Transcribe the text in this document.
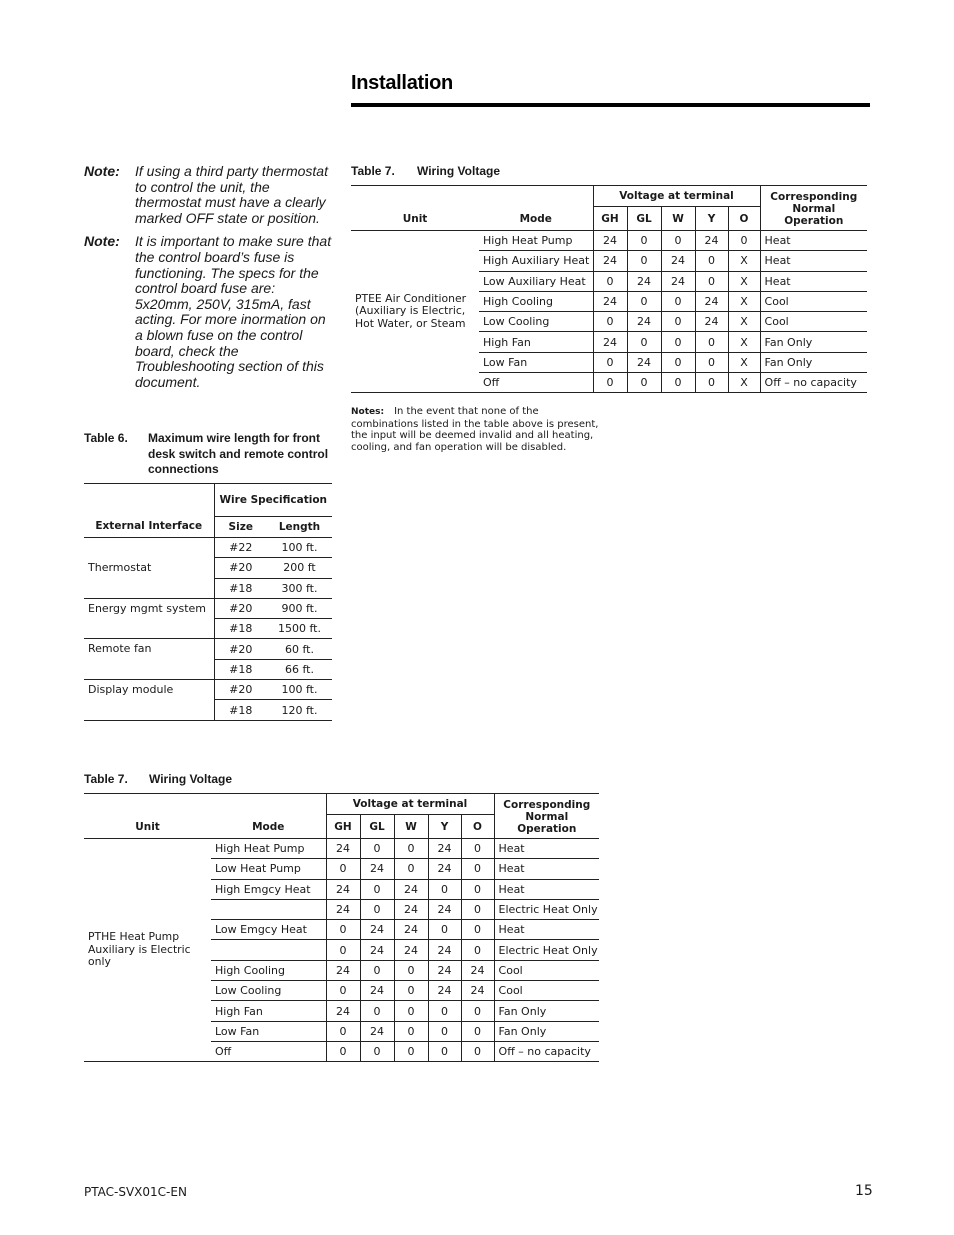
Installation
Note:	If using a third party thermostat to control the unit, the thermostat must have a clearly marked OFF state or position.
Note:	It is important to make sure that the control board’s fuse is functioning. The specs for the control board fuse are: 5x20mm, 250V, 315mA, fast acting. For more inormation on a blown fuse on the control board, check the Troubleshooting section of this document.
Table 6.	Maximum wire length for front desk switch and remote control connections
External Interface	Wire Specification	
	Size	Length
Thermostat	#22	100 ft.
	#20	200 ft
	#18	300 ft.
Energy mgmt system	#20	900 ft.
	#18	1500 ft.
Remote fan	#20	60 ft.
	#18	66 ft.
Display module	#20	100 ft.
	#18	120 ft.
Table 7.	Wiring Voltage
Unit	Mode	Voltage at terminal					Corresponding Normal Operation
		GH	GL	W	Y	O	
PTEE Air Conditioner (Auxiliary is Electric, Hot Water, or Steam	High Heat Pump	24	0	0	24	0	Heat
	High Auxiliary Heat	24	0	24	0	X	Heat
	Low Auxiliary Heat	0	24	24	0	X	Heat
	High Cooling	24	0	0	24	X	Cool
	Low Cooling	0	24	0	24	X	Cool
	High Fan	24	0	0	0	X	Fan Only
	Low Fan	0	24	0	0	X	Fan Only
	Off	0	0	0	0	X	Off – no capacity
Notes: In the event that none of the combinations listed in the table above is present, the input will be deemed invalid and all heating, cooling, and fan operation will be disabled.
Table 7.	Wiring Voltage
Unit	Mode	Voltage at terminal					Corresponding Normal Operation
		GH	GL	W	Y	O	
PTHE Heat Pump Auxiliary is Electric only	High Heat Pump	24	0	0	24	0	Heat
	Low Heat Pump	0	24	0	24	0	Heat
	High Emgcy Heat	24	0	24	0	0	Heat
		24	0	24	24	0	Electric Heat Only
	Low Emgcy Heat	0	24	24	0	0	Heat
		0	24	24	24	0	Electric Heat Only
	High Cooling	24	0	0	24	24	Cool
	Low Cooling	0	24	0	24	24	Cool
	High Fan	24	0	0	0	0	Fan Only
	Low Fan	0	24	0	0	0	Fan Only
	Off	0	0	0	0	0	Off – no capacity
PTAC-SVX01C-EN	15
